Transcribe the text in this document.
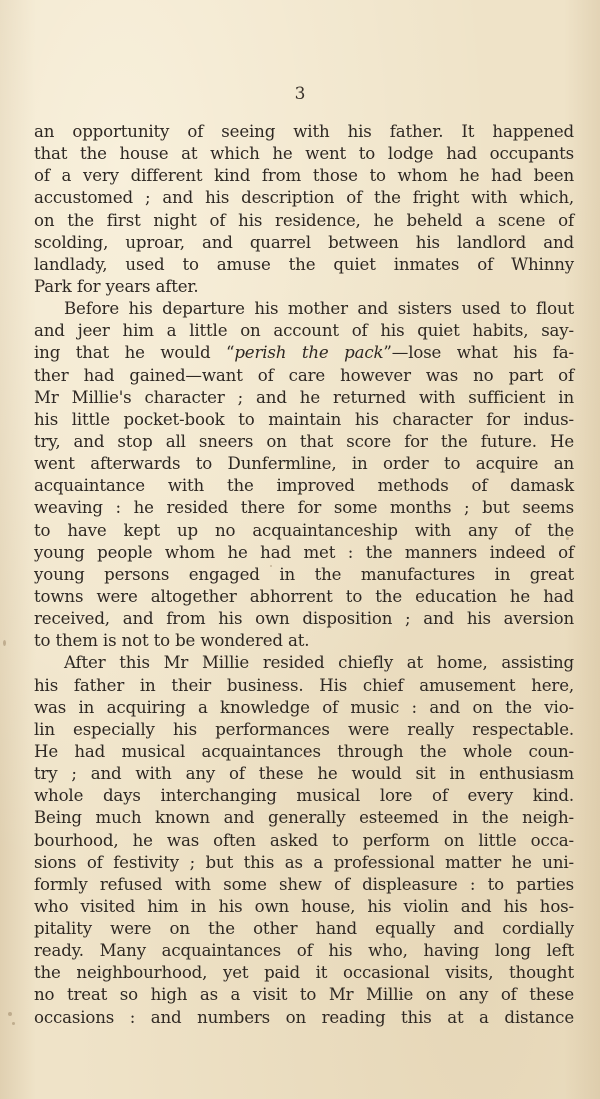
3
an opportunity of seeing with his father. It happened
that the house at which he went to lodge had occupants
of a very different kind from those to whom he had been
accustomed ; and his description of the fright with which,
on the first night of his residence, he beheld a scene of
scolding, uproar, and quarrel between his landlord and
landlady, used to amuse the quiet inmates of Whinny
Park for years after.
Before his departure his mother and sisters used to flout
and jeer him a little on account of his quiet habits, say-
ing that he would “perish the pack”—lose what his fa-
ther had gained—want of care however was no part of
Mr Millie's character ; and he returned with sufficient in
his little pocket-book to maintain his character for indus-
try, and stop all sneers on that score for the future. He
went afterwards to Dunfermline, in order to acquire an
acquaintance with the improved methods of damask
weaving : he resided there for some months ; but seems
to have kept up no acquaintanceship with any of the
young people whom he had met : the manners indeed of
young persons engaged in the manufactures in great
towns were altogether abhorrent to the education he had
received, and from his own disposition ; and his aversion
to them is not to be wondered at.
After this Mr Millie resided chiefly at home, assisting
his father in their business. His chief amusement here,
was in acquiring a knowledge of music : and on the vio-
lin especially his performances were really respectable.
He had musical acquaintances through the whole coun-
try ; and with any of these he would sit in enthusiasm
whole days interchanging musical lore of every kind.
Being much known and generally esteemed in the neigh-
bourhood, he was often asked to perform on little occa-
sions of festivity ; but this as a professional matter he uni-
formly refused with some shew of displeasure : to parties
who visited him in his own house, his violin and his hos-
pitality were on the other hand equally and cordially
ready. Many acquaintances of his who, having long left
the neighbourhood, yet paid it occasional visits, thought
no treat so high as a visit to Mr Millie on any of these
occasions : and numbers on reading this at a distance
